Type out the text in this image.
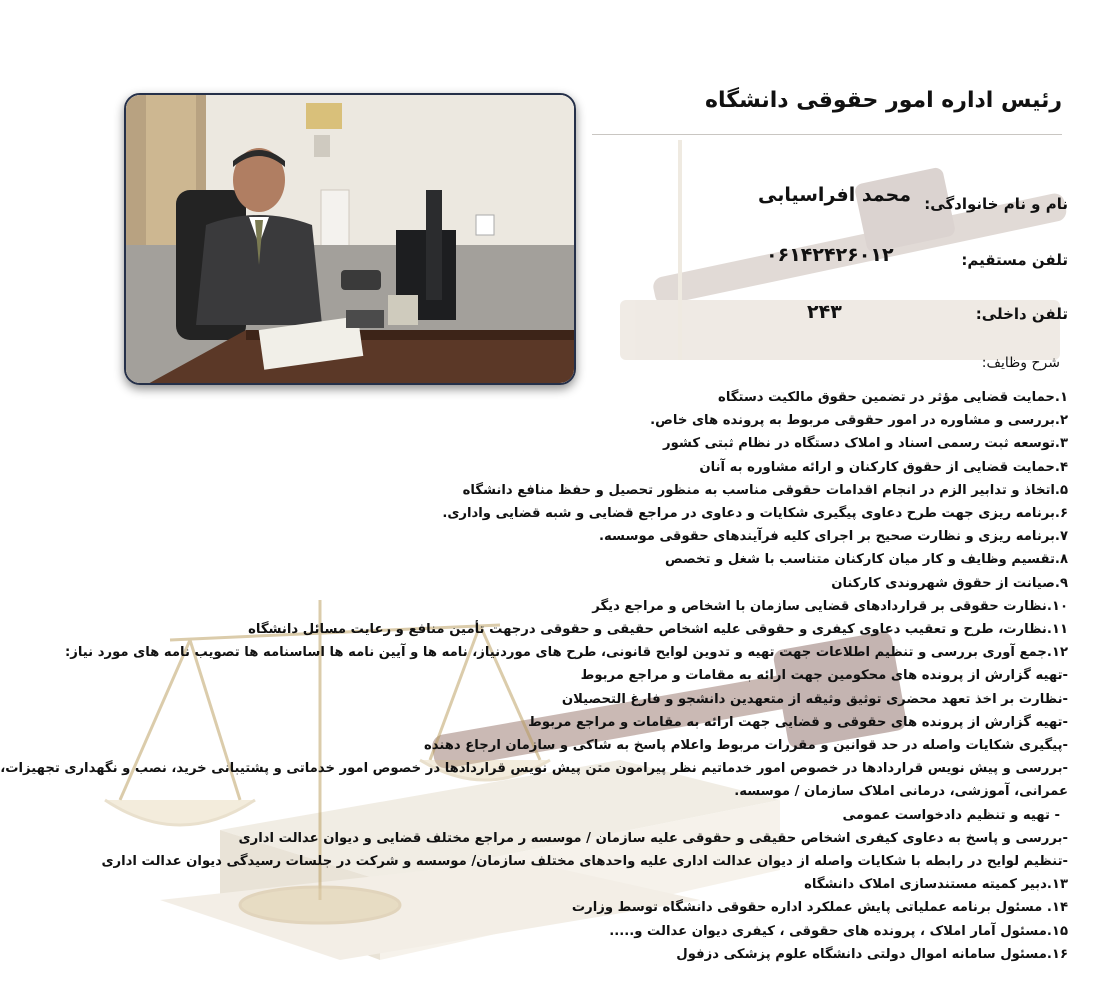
رئیس اداره امور حقوقی دانشگاه
نام و نام خانوادگی:
محمد افراسیابی
تلفن مستقیم:
۰۶۱۴۲۴۲۶۰۱۲
تلفن داخلی:
۲۴۳
شرح وظایف:
۱.حمایت قضایی مؤثر در تضمین حقوق مالکیت دستگاه
۲.بررسی و مشاوره در امور حقوقی مربوط به پرونده های خاص.
۳.توسعه ثبت رسمی اسناد و املاک دستگاه در نظام ثبتی کشور
۴.حمایت قضایی از حقوق کارکنان و ارائه مشاوره به آنان
۵.اتخاذ و تدابیر الزم در انجام اقدامات حقوقی مناسب به منظور تحصیل و حفظ منافع دانشگاه
۶.برنامه ریزی جهت طرح دعاوی پیگیری شکایات و دعاوی در مراجع قضایی و شبه قضایی واداری.
۷.برنامه ریزی و نظارت صحیح بر اجرای کلیه فرآیندهای حقوقی موسسه.
۸.تقسیم وظایف و کار میان کارکنان متناسب با شغل و تخصص
۹.صیانت از حقوق شهروندی کارکنان
۱۰.نظارت حقوقی بر قراردادهای قضایی سازمان با اشخاص و مراجع دیگر
۱۱.نظارت، طرح و تعقیب دعاوی کیفری و حقوقی علیه اشخاص حقیقی و حقوقی درجهت تأمین منافع و رعایت مسائل دانشگاه
۱۲.جمع آوری بررسی و تنظیم اطلاعات جهت تهیه و تدوین لوایح قانونی، طرح های موردنیاز، نامه ها و آیین نامه ها اساسنامه ها تصویب نامه های مورد نیاز:
-تهیه گزارش از پرونده های محکومین جهت ارائه به مقامات و مراجع مربوط
-نظارت بر اخذ تعهد محضری توثیق وثیقه از متعهدین دانشجو و فارغ التحصیلان
-تهیه گزارش از پرونده های حقوقی و قضایی جهت ارائه به مقامات و مراجع مربوط
-پیگیری شکایات واصله در حد قوانین و مقررات مربوط واعلام پاسخ به شاکی و سازمان ارجاع دهنده
-بررسی و پیش نویس قراردادها در خصوص امور خدماتیم نظر پیرامون متن پیش نویس قراردادها در خصوص امور خدماتی و پشتیبانی خرید، نصب و نگهداری تجهیزات، عمرانی، آموزشی، درمانی املاک سازمان / موسسه.
- تهیه و تنظیم دادخواست عمومی
-بررسی و پاسخ به دعاوی کیفری اشخاص حقیقی و حقوقی علیه سازمان / موسسه ر مراجع مختلف قضایی و دیوان عدالت اداری
-تنظیم لوایح در رابطه با شکایات واصله از دیوان عدالت اداری علیه واحدهای مختلف سازمان/ موسسه و شرکت در جلسات رسیدگی دیوان عدالت اداری
۱۳.دبیر کمیته مستندسازی املاک دانشگاه
۱۴. مسئول برنامه عملیاتی پایش عملکرد اداره حقوقی دانشگاه توسط وزارت
۱۵.مسئول آمار املاک ، پرونده های حقوقی ، کیفری دیوان عدالت و.....
۱۶.مسئول سامانه اموال دولتی دانشگاه علوم پزشکی دزفول
